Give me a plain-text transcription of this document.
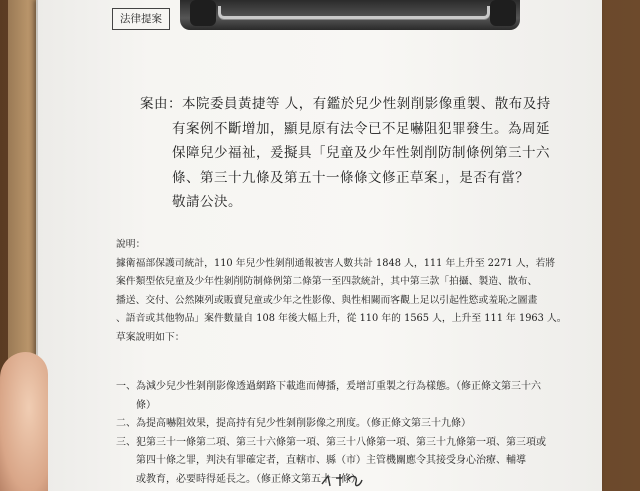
法律提案
案由：本院委員黃捷等 人，有鑑於兒少性剝削影像重製、散布及持
有案例不斷增加，顯見原有法令已不足嚇阻犯罪發生。為周延
保障兒少福祉，爰擬具「兒童及少年性剝削防制條例第三十六
條、第三十九條及第五十一條條文修正草案」，是否有當？
敬請公決。
說明：
據衛福部保護司統計，110 年兒少性剝削通報被害人數共計 1848 人，111 年上升至 2271 人，若將
案件類型依兒童及少年性剝削防制條例第二條第一至四款統計，其中第三款「拍攝、製造、散布、
播送、交付、公然陳列或販賣兒童或少年之性影像、與性相關而客觀上足以引起性慾或羞恥之圖畫
、語音或其他物品」案件數量自 108 年後大幅上升，從 110 年的 1565 人，上升至 111 年 1963 人。
草案說明如下：
一、為減少兒少性剝削影像透過網路下載進而傳播，爰增訂重製之行為樣態。（修正條文第三十六
條）
二、為提高嚇阻效果，提高持有兒少性剝削影像之刑度。（修正條文第三十九條）
三、犯第三十一條第二項、第三十六條第一項、第三十八條第一項、第三十九條第一項、第三項或
第四十條之罪，判決有罪確定者，直轄市、縣（市）主管機關應令其接受身心治療、輔導
或教育，必要時得延長之。（修正條文第五十一條）
